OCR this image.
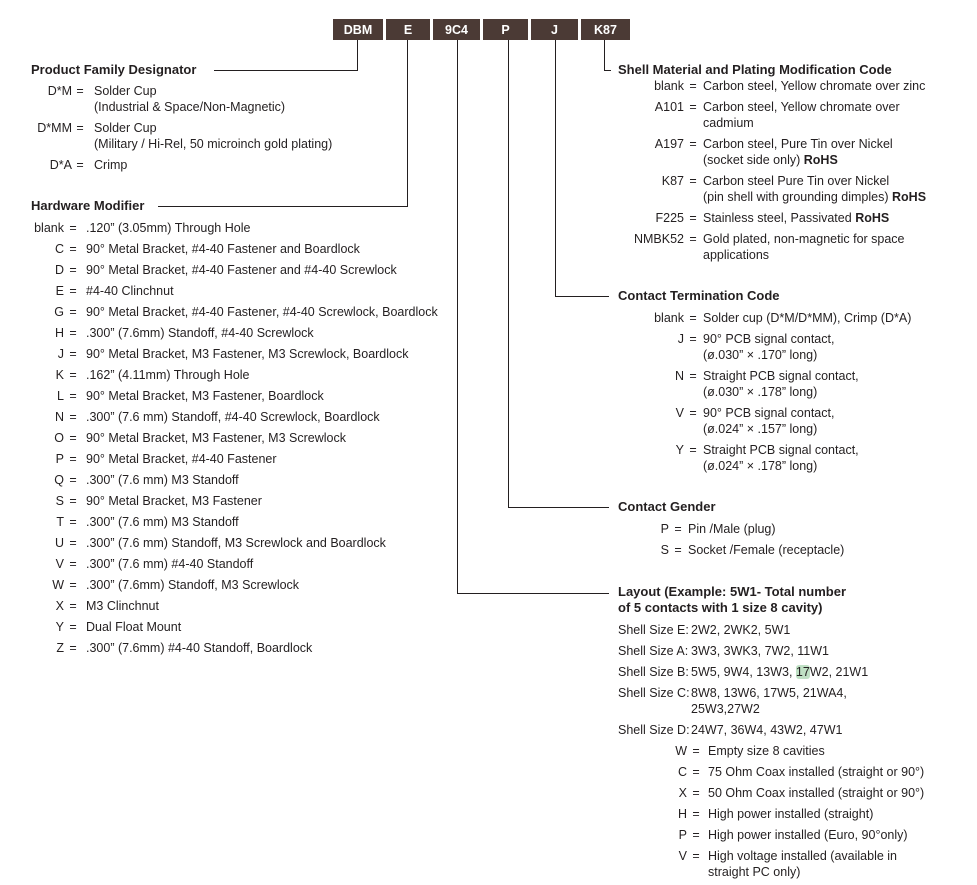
DBM	E	9C4	P	J	K87
Product Family Designator
Hardware Modifier
Shell Material and Plating Modification Code
Contact Termination Code
Contact Gender
Layout (Example: 5W1- Total number
of 5 contacts with 1 size 8 cavity)
D*M = Solder Cup
(Industrial & Space/Non-Magnetic)
D*MM = Solder Cup
(Military / Hi-Rel, 50 microinch gold plating)
D*A = Crimp
blank = .120” (3.05mm) Through Hole
C = 90° Metal Bracket, #4-40 Fastener and Boardlock
D = 90° Metal Bracket, #4-40 Fastener and #4-40 Screwlock
E = #4-40 Clinchnut
G = 90° Metal Bracket, #4-40 Fastener, #4-40 Screwlock, Boardlock
H = .300” (7.6mm) Standoff, #4-40 Screwlock
J = 90° Metal Bracket, M3 Fastener, M3 Screwlock, Boardlock
K = .162” (4.11mm) Through Hole
L = 90° Metal Bracket, M3 Fastener, Boardlock
N = .300” (7.6 mm) Standoff, #4-40 Screwlock, Boardlock
O = 90° Metal Bracket, M3 Fastener, M3 Screwlock
P = 90° Metal Bracket, #4-40 Fastener
Q = .300” (7.6 mm) M3 Standoff
S = 90° Metal Bracket, M3 Fastener
T = .300” (7.6 mm) M3 Standoff
U = .300” (7.6 mm) Standoff, M3 Screwlock and Boardlock
V = .300” (7.6 mm) #4-40 Standoff
W = .300” (7.6mm) Standoff, M3 Screwlock
X = M3 Clinchnut
Y = Dual Float Mount
Z = .300” (7.6mm) #4-40 Standoff, Boardlock
blank = Carbon steel, Yellow chromate over zinc
A101 = Carbon steel, Yellow chromate over
cadmium
A197 = Carbon steel, Pure Tin over Nickel
(socket side only) RoHS
K87 = Carbon steel Pure Tin over Nickel
(pin shell with grounding dimples) RoHS
F225 = Stainless steel, Passivated RoHS
NMBK52 = Gold plated, non-magnetic for space
applications
blank = Solder cup (D*M/D*MM), Crimp (D*A)
J = 90° PCB signal contact,
(ø.030” × .170” long)
N = Straight PCB signal contact,
(ø.030” × .178” long)
V = 90° PCB signal contact,
(ø.024” × .157” long)
Y = Straight PCB signal contact,
(ø.024” × .178” long)
P = Pin /Male (plug)
S = Socket /Female (receptacle)
Shell Size E: 2W2, 2WK2, 5W1
Shell Size A: 3W3, 3WK3, 7W2, 11W1
Shell Size B: 5W5, 9W4, 13W3, 17W2, 21W1
Shell Size C: 8W8, 13W6, 17W5, 21WA4,
25W3,27W2
Shell Size D: 24W7, 36W4, 43W2, 47W1
W = Empty size 8 cavities
C = 75 Ohm Coax installed (straight or 90°)
X = 50 Ohm Coax installed (straight or 90°)
H = High power installed (straight)
P = High power installed (Euro, 90°only)
V = High voltage installed (available in
straight PC only)
